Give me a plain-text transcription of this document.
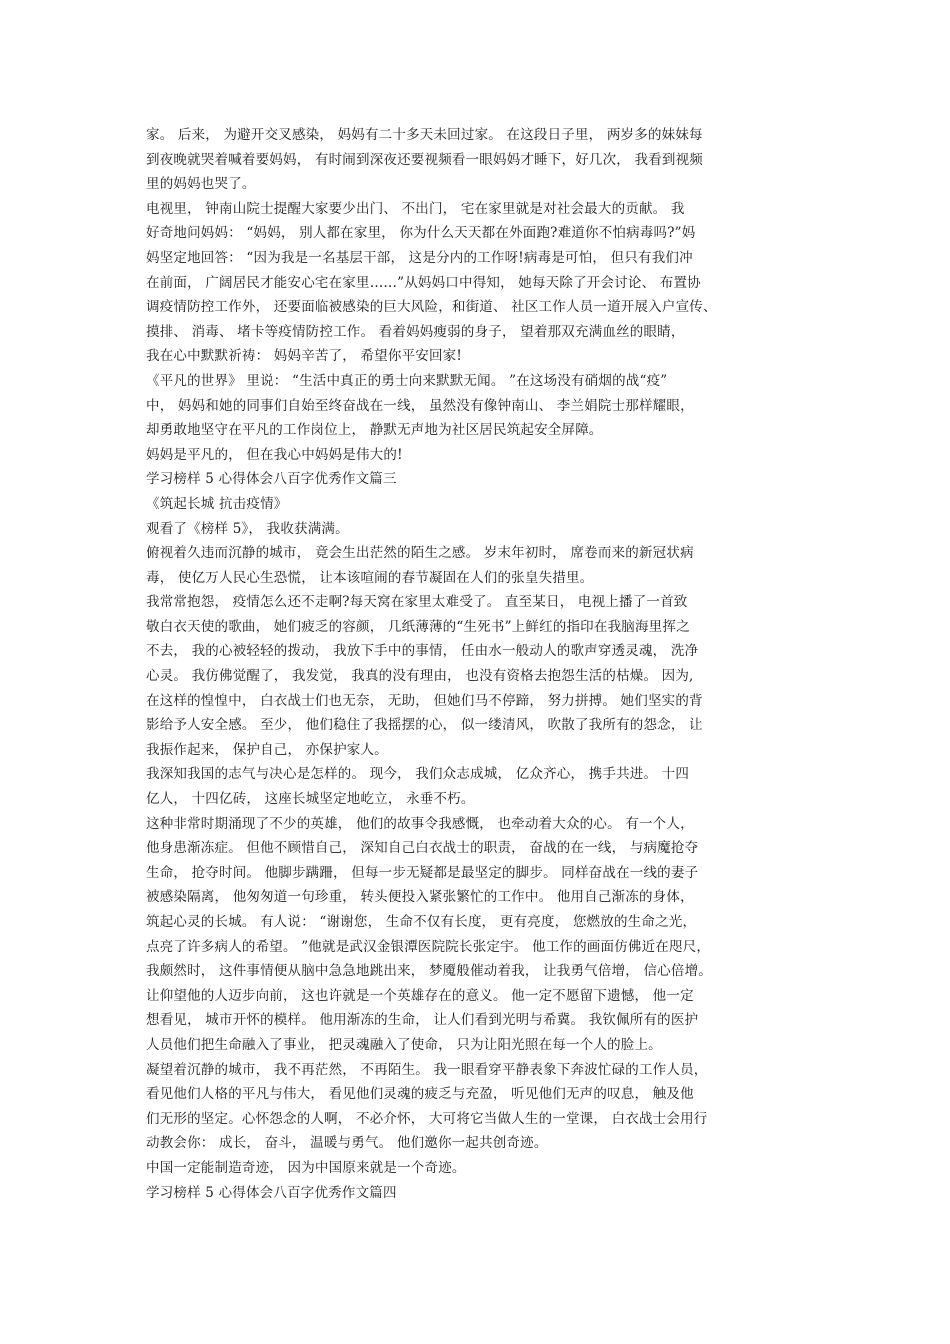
家。 后来， 为避开交叉感染， 妈妈有二十多天未回过家。 在这段日子里， 两岁多的妹妹每
到夜晚就哭着喊着要妈妈， 有时闹到深夜还要视频看一眼妈妈才睡下，好几次， 我看到视频
里的妈妈也哭了。
电视里， 钟南山院士提醒大家要少出门、 不出门， 宅在家里就是对社会最大的贡献。 我
好奇地问妈妈： “妈妈， 别人都在家里， 你为什么天天都在外面跑?难道你不怕病毒吗?”妈
妈坚定地回答： “因为我是一名基层干部， 这是分内的工作呀!病毒是可怕， 但只有我们冲
在前面， 广阔居民才能安心宅在家里……”从妈妈口中得知， 她每天除了开会讨论、 布置协
调疫情防控工作外， 还要面临被感染的巨大风险，和街道、 社区工作人员一道开展入户宣传、
摸排、 消毒、 堵卡等疫情防控工作。 看着妈妈瘦弱的身子， 望着那双充满血丝的眼睛，
我在心中默默祈祷： 妈妈辛苦了， 希望你平安回家!
《平凡的世界》 里说： “生活中真正的勇士向来默默无闻。 ”在这场没有硝烟的战“疫”
中， 妈妈和她的同事们自始至终奋战在一线， 虽然没有像钟南山、 李兰娟院士那样耀眼，
却勇敢地坚守在平凡的工作岗位上， 静默无声地为社区居民筑起安全屏障。
妈妈是平凡的， 但在我心中妈妈是伟大的!
学习榜样 5 心得体会八百字优秀作文篇三
《筑起长城 抗击疫情》
观看了《榜样 5》， 我收获满满。
俯视着久违而沉静的城市， 竟会生出茫然的陌生之感。 岁末年初时， 席卷而来的新冠状病
毒， 使亿万人民心生恐慌， 让本该喧闹的春节凝固在人们的张皇失措里。
我常常抱怨， 疫情怎么还不走啊?每天窝在家里太难受了。 直至某日， 电视上播了一首致
敬白衣天使的歌曲， 她们疲乏的容颜， 几纸薄薄的“生死书”上鲜红的指印在我脑海里挥之
不去， 我的心被轻轻的拨动， 我放下手中的事情， 任由水一般动人的歌声穿透灵魂， 洗净
心灵。 我仿佛觉醒了， 我发觉， 我真的没有理由， 也没有资格去抱怨生活的枯燥。 因为,
在这样的惶惶中， 白衣战士们也无奈， 无助， 但她们马不停蹄， 努力拼搏。 她们坚实的背
影给予人安全感。 至少， 他们稳住了我摇摆的心， 似一缕清风， 吹散了我所有的怨念， 让
我振作起来， 保护自己， 亦保护家人。
我深知我国的志气与决心是怎样的。 现今， 我们众志成城， 亿众齐心， 携手共进。 十四
亿人， 十四亿砖， 这座长城坚定地屹立， 永垂不朽。
这种非常时期涌现了不少的英雄， 他们的故事令我感慨， 也牵动着大众的心。 有一个人，
他身患渐冻症。 但他不顾惜自己， 深知自己白衣战士的职责， 奋战的在一线， 与病魔抢夺
生命， 抢夺时间。 他脚步蹒跚， 但每一步无疑都是最坚定的脚步。 同样奋战在一线的妻子
被感染隔离， 他匆匆道一句珍重， 转头便投入紧张繁忙的工作中。 他用自己渐冻的身体，
筑起心灵的长城。 有人说： “谢谢您， 生命不仅有长度， 更有亮度， 您燃放的生命之光，
点亮了许多病人的希望。 ”他就是武汉金银潭医院院长张定宇。 他工作的画面仿佛近在咫尺，
我颇然时， 这件事情便从脑中急急地跳出来， 梦魇般催动着我， 让我勇气倍增， 信心倍增。
让仰望他的人迈步向前， 这也许就是一个英雄存在的意义。 他一定不愿留下遗憾， 他一定
想看见， 城市开怀的模样。 他用渐冻的生命， 让人们看到光明与希冀。 我钦佩所有的医护
人员他们把生命融入了事业， 把灵魂融入了使命， 只为让阳光照在每一个人的脸上。
凝望着沉静的城市， 我不再茫然， 不再陌生。 我一眼看穿平静表象下奔波忙碌的工作人员，
看见他们人格的平凡与伟大， 看见他们灵魂的疲乏与充盈， 听见他们无声的叹息， 触及他
们无形的坚定。心怀怨念的人啊， 不必介怀， 大可将它当做人生的一堂课， 白衣战士会用行
动教会你： 成长， 奋斗， 温暖与勇气。 他们邀你一起共创奇迹。
中国一定能制造奇迹， 因为中国原来就是一个奇迹。
学习榜样 5 心得体会八百字优秀作文篇四
